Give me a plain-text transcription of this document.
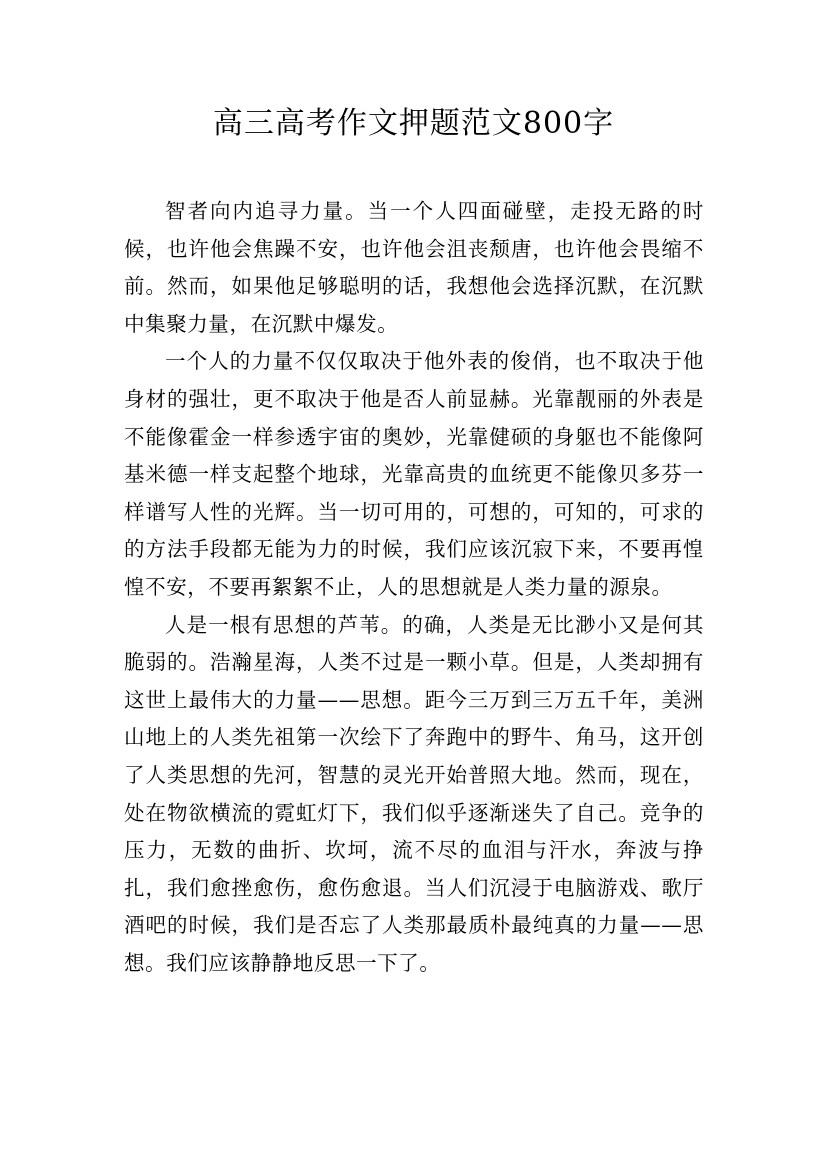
高三高考作文押题范文800字

智者向内追寻力量。当一个人四面碰壁，走投无路的时候，也许他会焦躁不安，也许他会沮丧颓唐，也许他会畏缩不前。然而，如果他足够聪明的话，我想他会选择沉默，在沉默中集聚力量，在沉默中爆发。

一个人的力量不仅仅取决于他外表的俊俏，也不取决于他身材的强壮，更不取决于他是否人前显赫。光靠靓丽的外表是不能像霍金一样参透宇宙的奥妙，光靠健硕的身躯也不能像阿基米德一样支起整个地球，光靠高贵的血统更不能像贝多芬一样谱写人性的光辉。当一切可用的，可想的，可知的，可求的的方法手段都无能为力的时候，我们应该沉寂下来，不要再惶惶不安，不要再絮絮不止，人的思想就是人类力量的源泉。

人是一根有思想的芦苇。的确，人类是无比渺小又是何其脆弱的。浩瀚星海，人类不过是一颗小草。但是，人类却拥有这世上最伟大的力量——思想。距今三万到三万五千年，美洲山地上的人类先祖第一次绘下了奔跑中的野牛、角马，这开创了人类思想的先河，智慧的灵光开始普照大地。然而，现在，处在物欲横流的霓虹灯下，我们似乎逐渐迷失了自己。竞争的压力，无数的曲折、坎坷，流不尽的血泪与汗水，奔波与挣扎，我们愈挫愈伤，愈伤愈退。当人们沉浸于电脑游戏、歌厅酒吧的时候，我们是否忘了人类那最质朴最纯真的力量——思想。我们应该静静地反思一下了。
